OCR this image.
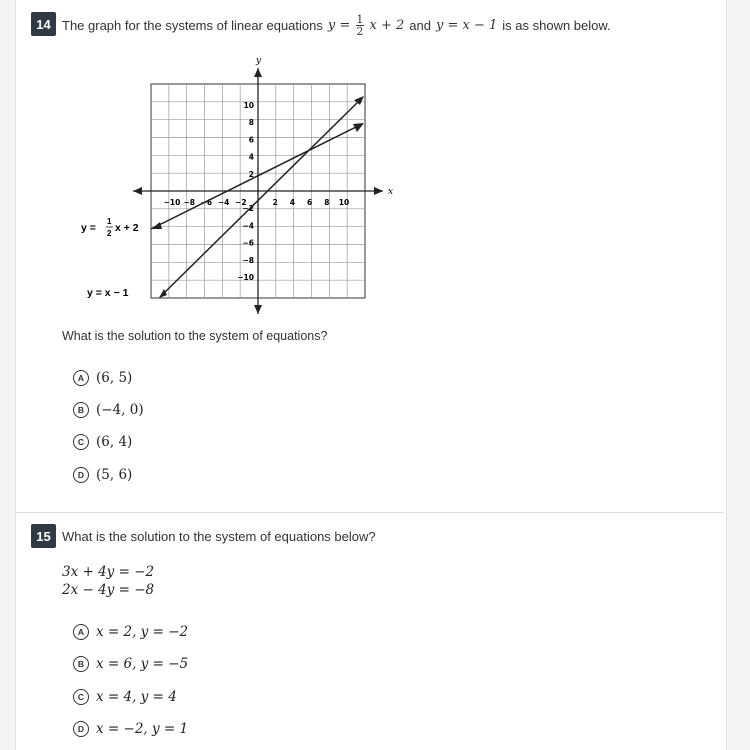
14 The graph for the systems of linear equations $y = \frac{1}{2}$ x + 2 and y = x − 1 is as shown below.
y
x
−10 −8 −6 −4 −2	2 4 6 8 10
10
8
6
4
2
−2
−4
−6
−8
−10
y =
1
2 x + 2
y = x − 1
What is the solution to the system of equations?
A (6, 5)
B (−4, 0)
C (6, 4)
D (5, 6)
15 What is the solution to the system of equations below?
3x + 4y = −2
2x − 4y = −8
A x = 2, y = −2
B x = 6, y = −5
C x = 4, y = 4
D x = −2, y = 1
